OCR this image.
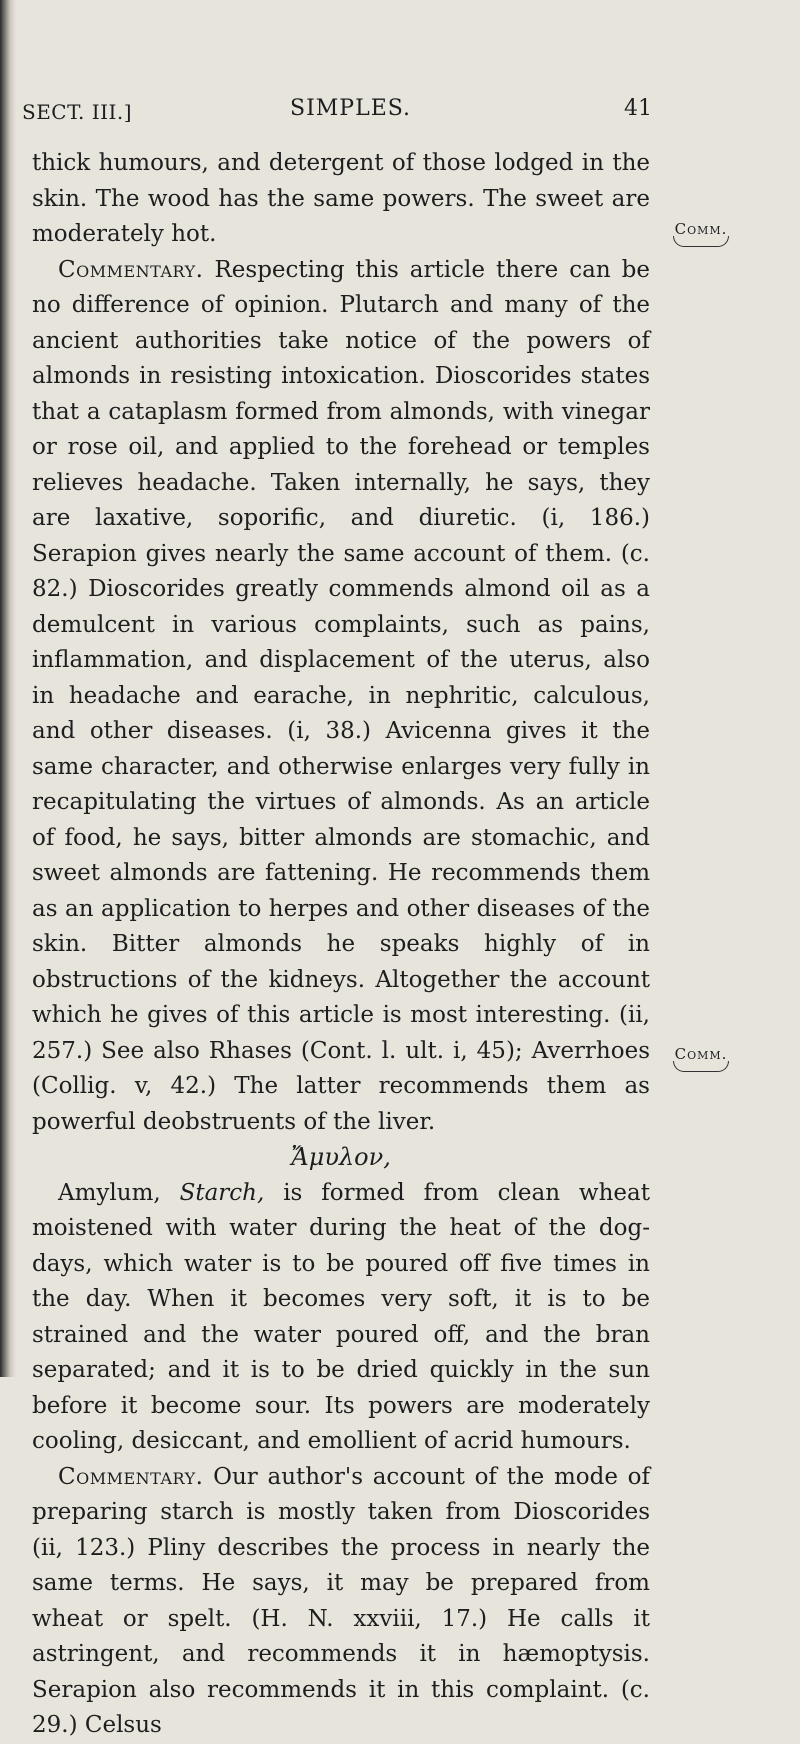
SECT. III.]	SIMPLES.	41
Comm.
Comm.

thick humours, and detergent of those lodged in the skin. The wood has the same powers. The sweet are moderately hot.

Commentary. Respecting this article there can be no difference of opinion. Plutarch and many of the ancient authorities take notice of the powers of almonds in resisting intoxication. Dioscorides states that a cataplasm formed from almonds, with vinegar or rose oil, and applied to the forehead or temples relieves headache. Taken internally, he says, they are laxative, soporific, and diuretic. (i, 186.) Serapion gives nearly the same account of them. (c. 82.) Dioscorides greatly commends almond oil as a demulcent in various complaints, such as pains, inflammation, and displacement of the uterus, also in headache and earache, in nephritic, calculous, and other diseases. (i, 38.) Avicenna gives it the same character, and otherwise enlarges very fully in recapitulating the virtues of almonds. As an article of food, he says, bitter almonds are stomachic, and sweet almonds are fattening. He recommends them as an application to herpes and other diseases of the skin. Bitter almonds he speaks highly of in obstructions of the kidneys. Altogether the account which he gives of this article is most interesting. (ii, 257.) See also Rhases (Cont. l. ult. i, 45); Averrhoes (Collig. v, 42.) The latter recommends them as powerful deobstruents of the liver.

Ἄμυλον,

Amylum, Starch, is formed from clean wheat moistened with water during the heat of the dog-days, which water is to be poured off five times in the day. When it becomes very soft, it is to be strained and the water poured off, and the bran separated; and it is to be dried quickly in the sun before it become sour. Its powers are moderately cooling, desiccant, and emollient of acrid humours.

Commentary. Our author's account of the mode of preparing starch is mostly taken from Dioscorides (ii, 123.) Pliny describes the process in nearly the same terms. He says, it may be prepared from wheat or spelt. (H. N. xxviii, 17.) He calls it astringent, and recommends it in hæmoptysis. Serapion also recommends it in this complaint. (c. 29.) Celsus
